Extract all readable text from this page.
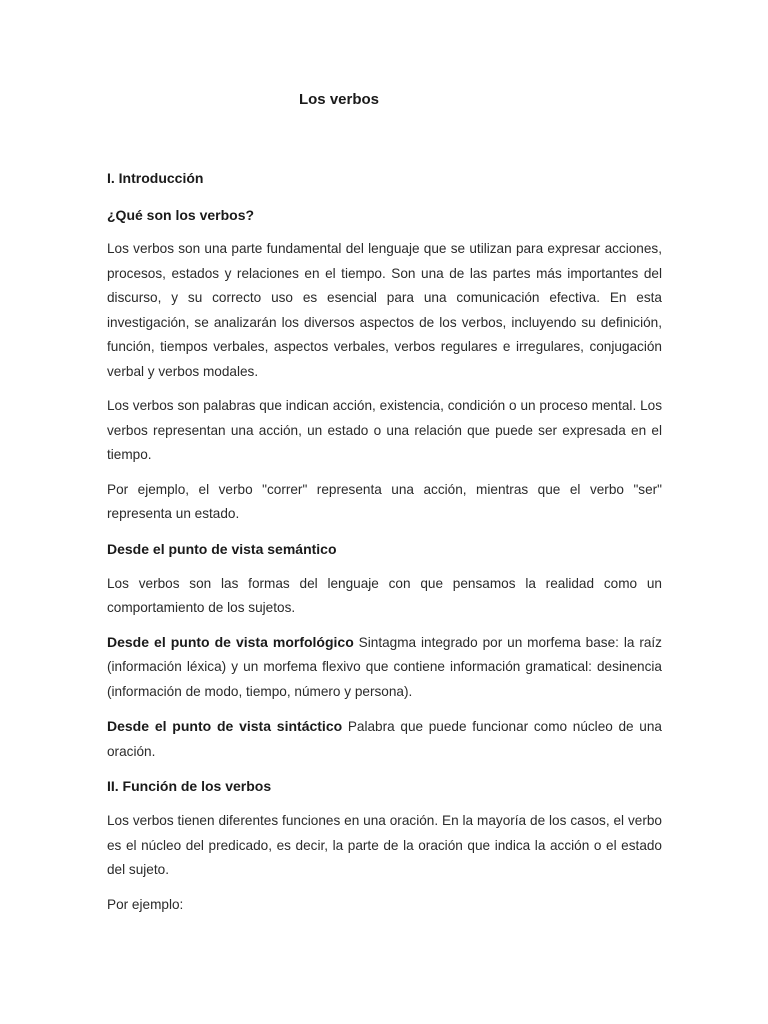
Los verbos

I. Introducción

¿Qué son los verbos?

Los verbos son una parte fundamental del lenguaje que se utilizan para expresar acciones, procesos, estados y relaciones en el tiempo. Son una de las partes más importantes del discurso, y su correcto uso es esencial para una comunicación efectiva. En esta investigación, se analizarán los diversos aspectos de los verbos, incluyendo su definición, función, tiempos verbales, aspectos verbales, verbos regulares e irregulares, conjugación verbal y verbos modales.

Los verbos son palabras que indican acción, existencia, condición o un proceso mental. Los verbos representan una acción, un estado o una relación que puede ser expresada en el tiempo.

Por ejemplo, el verbo "correr" representa una acción, mientras que el verbo "ser" representa un estado.

Desde el punto de vista semántico

Los verbos son las formas del lenguaje con que pensamos la realidad como un comportamiento de los sujetos.

Desde el punto de vista morfológico Sintagma integrado por un morfema base: la raíz (información léxica) y un morfema flexivo que contiene información gramatical: desinencia (información de modo, tiempo, número y persona).

Desde el punto de vista sintáctico Palabra que puede funcionar como núcleo de una oración.

II. Función de los verbos

Los verbos tienen diferentes funciones en una oración. En la mayoría de los casos, el verbo es el núcleo del predicado, es decir, la parte de la oración que indica la acción o el estado del sujeto.

Por ejemplo:
